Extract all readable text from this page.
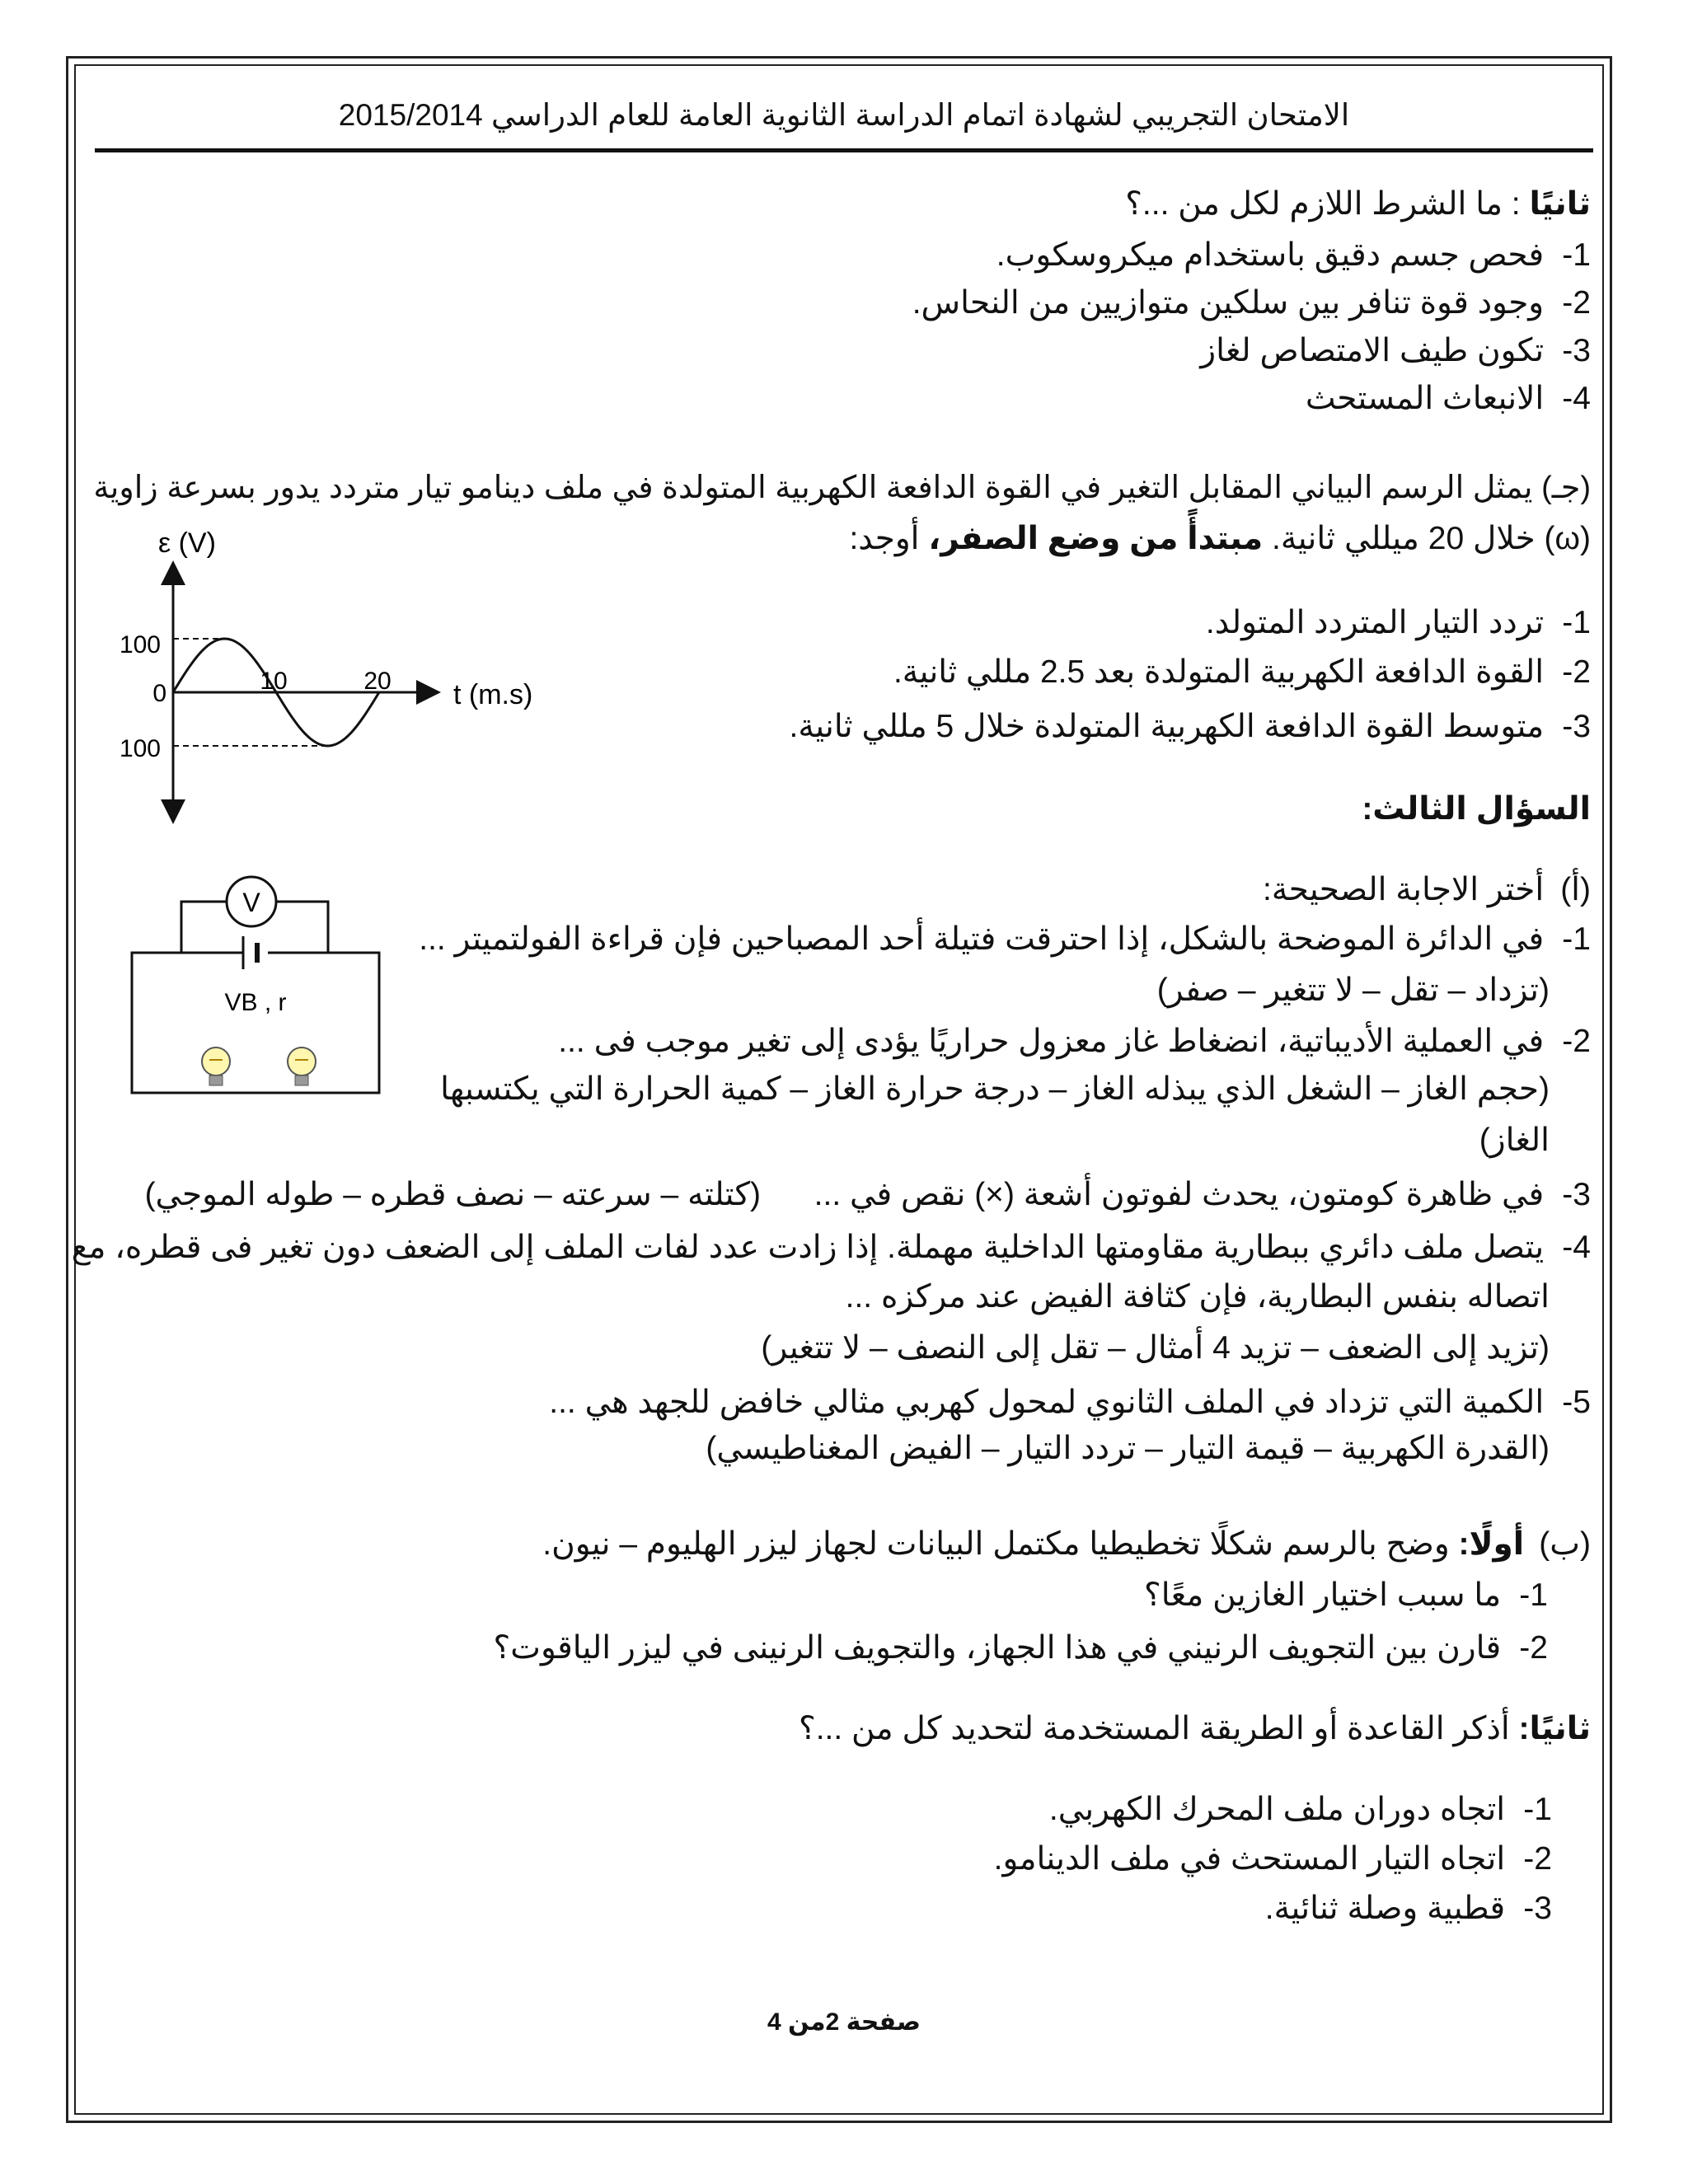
الامتحان التجريبي لشهادة اتمام الدراسة الثانوية العامة للعام الدراسي 2015/2014
ثانيًا : ما الشرط اللازم لكل من ...؟
1- فحص جسم دقيق باستخدام ميكروسكوب.
2- وجود قوة تنافر بين سلكين متوازيين من النحاس.
3- تكون طيف الامتصاص لغاز
4- الانبعاث المستحث
(جـ) يمثل الرسم البياني المقابل التغير في القوة الدافعة الكهربية المتولدة في ملف دينامو تيار متردد يدور بسرعة زاوية
(ω) خلال 20 ميللي ثانية. مبتدأً من وضع الصفر، أوجد:
1- تردد التيار المتردد المتولد.
2- القوة الدافعة الكهربية المتولدة بعد 2.5 مللي ثانية.
3- متوسط القوة الدافعة الكهربية المتولدة خلال 5 مللي ثانية.
ε (V)
t (m.s)
10	20
100
0
100
السؤال الثالث:
(أ) أختر الاجابة الصحيحة:
1- في الدائرة الموضحة بالشكل، إذا احترقت فتيلة أحد المصباحين فإن قراءة الفولتميتر ...
(تزداد – تقل – لا تتغير – صفر)
2- في العملية الأديباتية، انضغاط غاز معزول حراريًا يؤدى إلى تغير موجب فى ...
(حجم الغاز – الشغل الذي يبذله الغاز – درجة حرارة الغاز – كمية الحرارة التي يكتسبها
الغاز)
3- في ظاهرة كومتون، يحدث لفوتون أشعة (×) نقص في ...
(كتلته – سرعته – نصف قطره – طوله الموجي)
4- يتصل ملف دائري ببطارية مقاومتها الداخلية مهملة. إذا زادت عدد لفات الملف إلى الضعف دون تغير فى قطره، مع
اتصاله بنفس البطارية، فإن كثافة الفيض عند مركزه ...
(تزيد إلى الضعف – تزيد 4 أمثال – تقل إلى النصف – لا تتغير)
5- الكمية التي تزداد في الملف الثانوي لمحول كهربي مثالي خافض للجهد هي ...
(القدرة الكهربية – قيمة التيار – تردد التيار – الفيض المغناطيسي)
V
VB , r
(ب) أولًا: وضح بالرسم شكلًا تخطيطيا مكتمل البيانات لجهاز ليزر الهليوم – نيون.
1- ما سبب اختيار الغازين معًا؟
2- قارن بين التجويف الرنيني في هذا الجهاز، والتجويف الرنينى في ليزر الياقوت؟
ثانيًا: أذكر القاعدة أو الطريقة المستخدمة لتحديد كل من ...؟
1- اتجاه دوران ملف المحرك الكهربي.
2- اتجاه التيار المستحث في ملف الدينامو.
3- قطبية وصلة ثنائية.
صفحة 2من 4
